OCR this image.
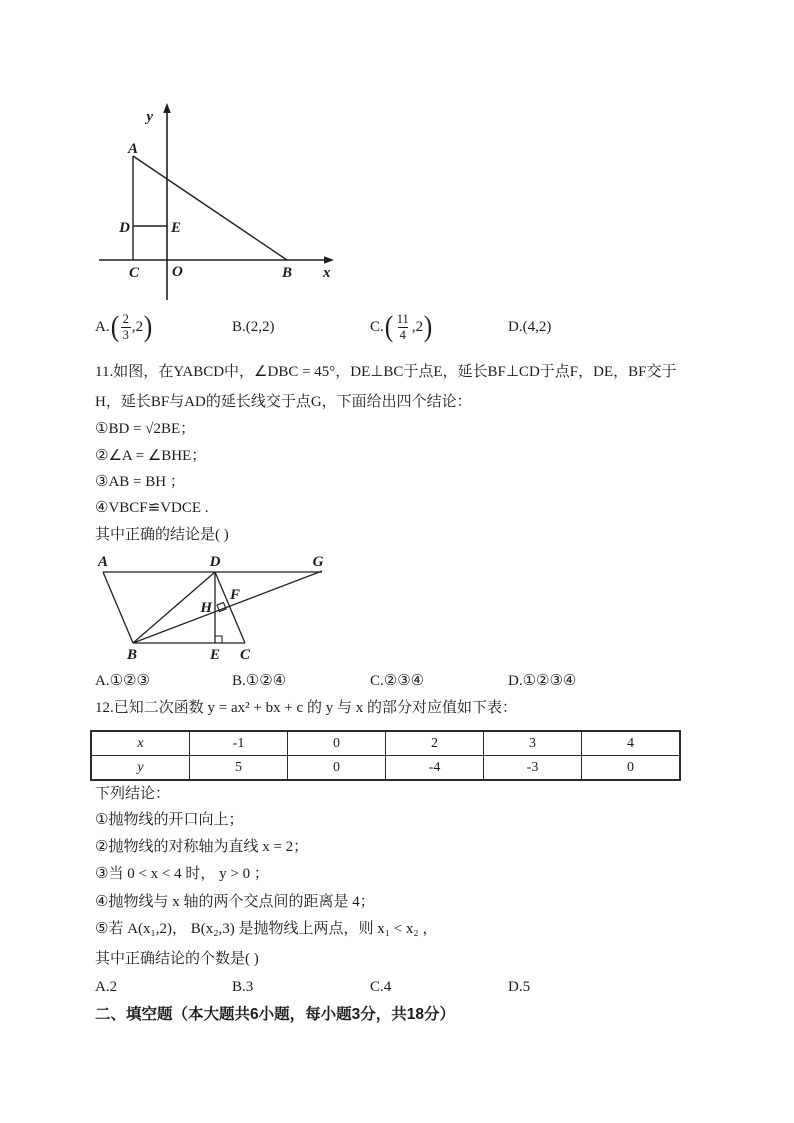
y
x
A
D	E
C O	B
A. ( $\frac{2}{3} ,2$ )	B. (2,2)	C. ( $\frac{11}{4} ,2$ )	D. (4,2)
11.如图，在YABCD中，∠DBC = 45°，DE⊥BC于点E，延长BF⊥CD于点F，DE，BF交于
H，延长BF与AD的延长线交于点G，下面给出四个结论：
①BD = √2BE；
②∠A = ∠BHE；
③AB = BH ；
④VBCF≌VDCE .
其中正确的结论是( )
A	D	G
B	E C
F
H
A.①②③	B.①②④	C.②③④	D.①②③④
12.已知二次函数 y = ax² + bx + c 的 y 与 x 的部分对应值如下表：
x	-1	0	2	3	4
y	5	0	-4	-3	0
下列结论：
①抛物线的开口向上；
②抛物线的对称轴为直线 x = 2；
③当 0 < x < 4 时， y > 0 ；
④抛物线与 x 轴的两个交点间的距离是 4；
⑤若 A(x₁,2)， B(x₂,3) 是抛物线上两点，则 x₁ < x₂ ，
其中正确结论的个数是( )
A.2	B.3	C.4	D.5
二、填空题（本大题共6小题，每小题3分，共18分）
